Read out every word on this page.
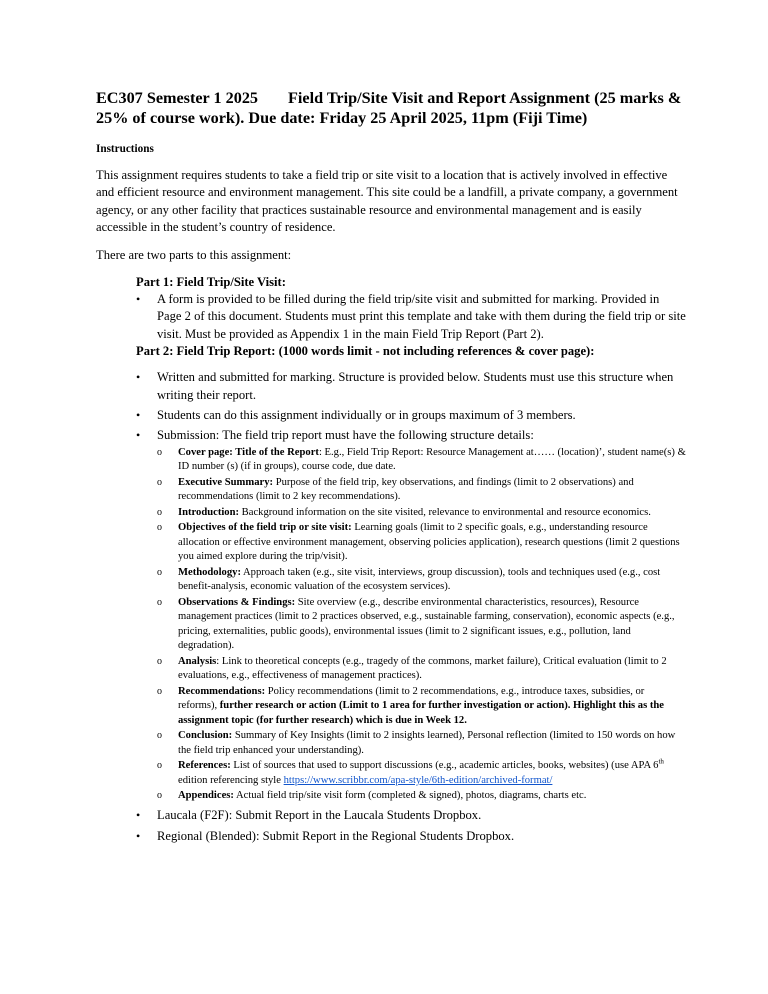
EC307 Semester 1 2025 Field Trip/Site Visit and Report Assignment (25 marks & 25% of course work). Due date: Friday 25 April 2025, 11pm (Fiji Time)

Instructions

This assignment requires students to take a field trip or site visit to a location that is actively involved in effective and efficient resource and environment management. This site could be a landfill, a private company, a government agency, or any other facility that practices sustainable resource and environmental management and is easily accessible in the student’s country of residence.

There are two parts to this assignment:

Part 1: Field Trip/Site Visit:

• A form is provided to be filled during the field trip/site visit and submitted for marking. Provided in Page 2 of this document. Students must print this template and take with them during the field trip or site visit. Must be provided as Appendix 1 in the main Field Trip Report (Part 2).

Part 2: Field Trip Report: (1000 words limit - not including references & cover page):

• Written and submitted for marking. Structure is provided below. Students must use this structure when writing their report.
• Students can do this assignment individually or in groups maximum of 3 members.
• Submission: The field trip report must have the following structure details:
o Cover page: Title of the Report: E.g., Field Trip Report: Resource Management at…… (location)’, student name(s) & ID number (s) (if in groups), course code, due date.
o Executive Summary: Purpose of the field trip, key observations, and findings (limit to 2 observations) and recommendations (limit to 2 key recommendations).
o Introduction: Background information on the site visited, relevance to environmental and resource economics.
o Objectives of the field trip or site visit: Learning goals (limit to 2 specific goals, e.g., understanding resource allocation or effective environment management, observing policies application), research questions (limit 2 questions you aimed explore during the trip/visit).
o Methodology: Approach taken (e.g., site visit, interviews, group discussion), tools and techniques used (e.g., cost benefit-analysis, economic valuation of the ecosystem services).
o Observations & Findings: Site overview (e.g., describe environmental characteristics, resources), Resource management practices (limit to 2 practices observed, e.g., sustainable farming, conservation), economic aspects (e.g., pricing, externalities, public goods), environmental issues (limit to 2 significant issues, e.g., pollution, land degradation).
o Analysis: Link to theoretical concepts (e.g., tragedy of the commons, market failure), Critical evaluation (limit to 2 evaluations, e.g., effectiveness of management practices).
o Recommendations: Policy recommendations (limit to 2 recommendations, e.g., introduce taxes, subsidies, or reforms), further research or action (Limit to 1 area for further investigation or action). Highlight this as the assignment topic (for further research) which is due in Week 12.
o Conclusion: Summary of Key Insights (limit to 2 insights learned), Personal reflection (limited to 150 words on how the field trip enhanced your understanding).
o References: List of sources that used to support discussions (e.g., academic articles, books, websites) (use APA 6th edition referencing style https://www.scribbr.com/apa-style/6th-edition/archived-format/
o Appendices: Actual field trip/site visit form (completed & signed), photos, diagrams, charts etc.
• Laucala (F2F): Submit Report in the Laucala Students Dropbox.
• Regional (Blended): Submit Report in the Regional Students Dropbox.
